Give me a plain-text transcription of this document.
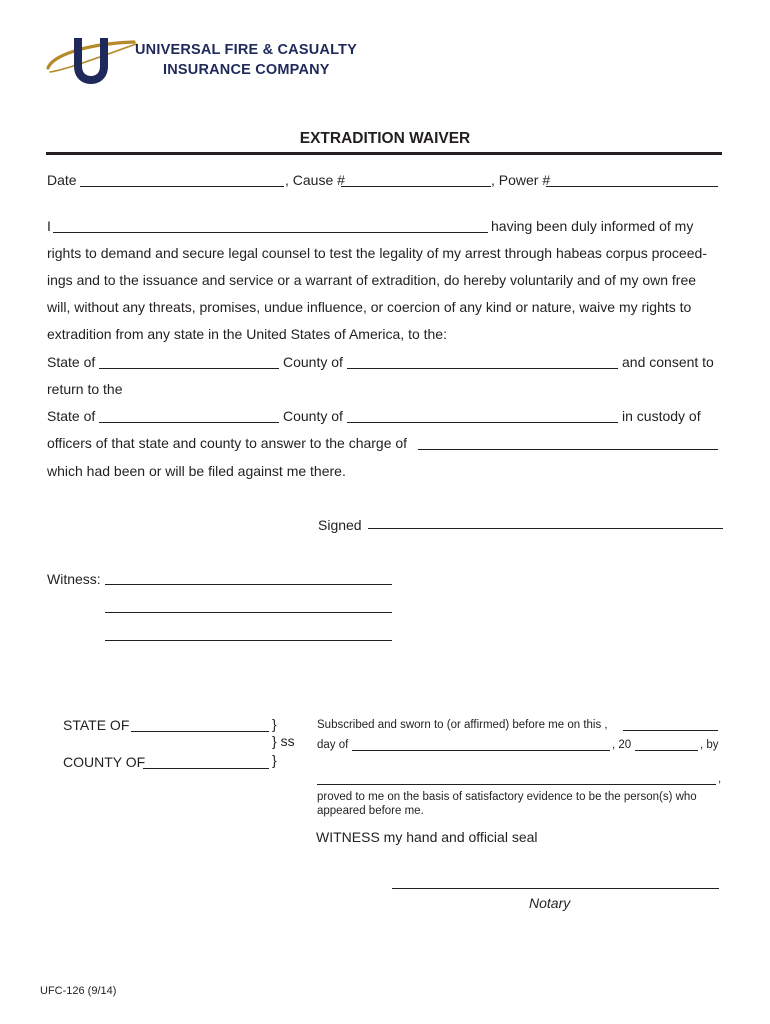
UNIVERSAL FIRE & CASUALTY
INSURANCE COMPANY
EXTRADITION WAIVER
Date	, Cause #	, Power #
I	having been duly informed of my
rights to demand and secure legal counsel to test the legality of my arrest through habeas corpus proceed-
ings and to the issuance and service or a warrant of extradition, do hereby voluntarily and of my own free
will, without any threats, promises, undue influence, or coercion of any kind or nature, waive my rights to
extradition from any state in the United States of America, to the:
State of	County of	and consent to
return to the
State of	County of	in custody of
officers of that state and county to answer to the charge of
which had been or will be filed against me there.
Signed
Witness:
STATE OF	}
} ss
COUNTY OF	}
Subscribed and sworn to (or affirmed) before me on this ,
day of	, 20	, by
,
proved to me on the basis of satisfactory evidence to be the person(s) who
appeared before me.
WITNESS my hand and official seal
Notary
UFC-126 (9/14)
